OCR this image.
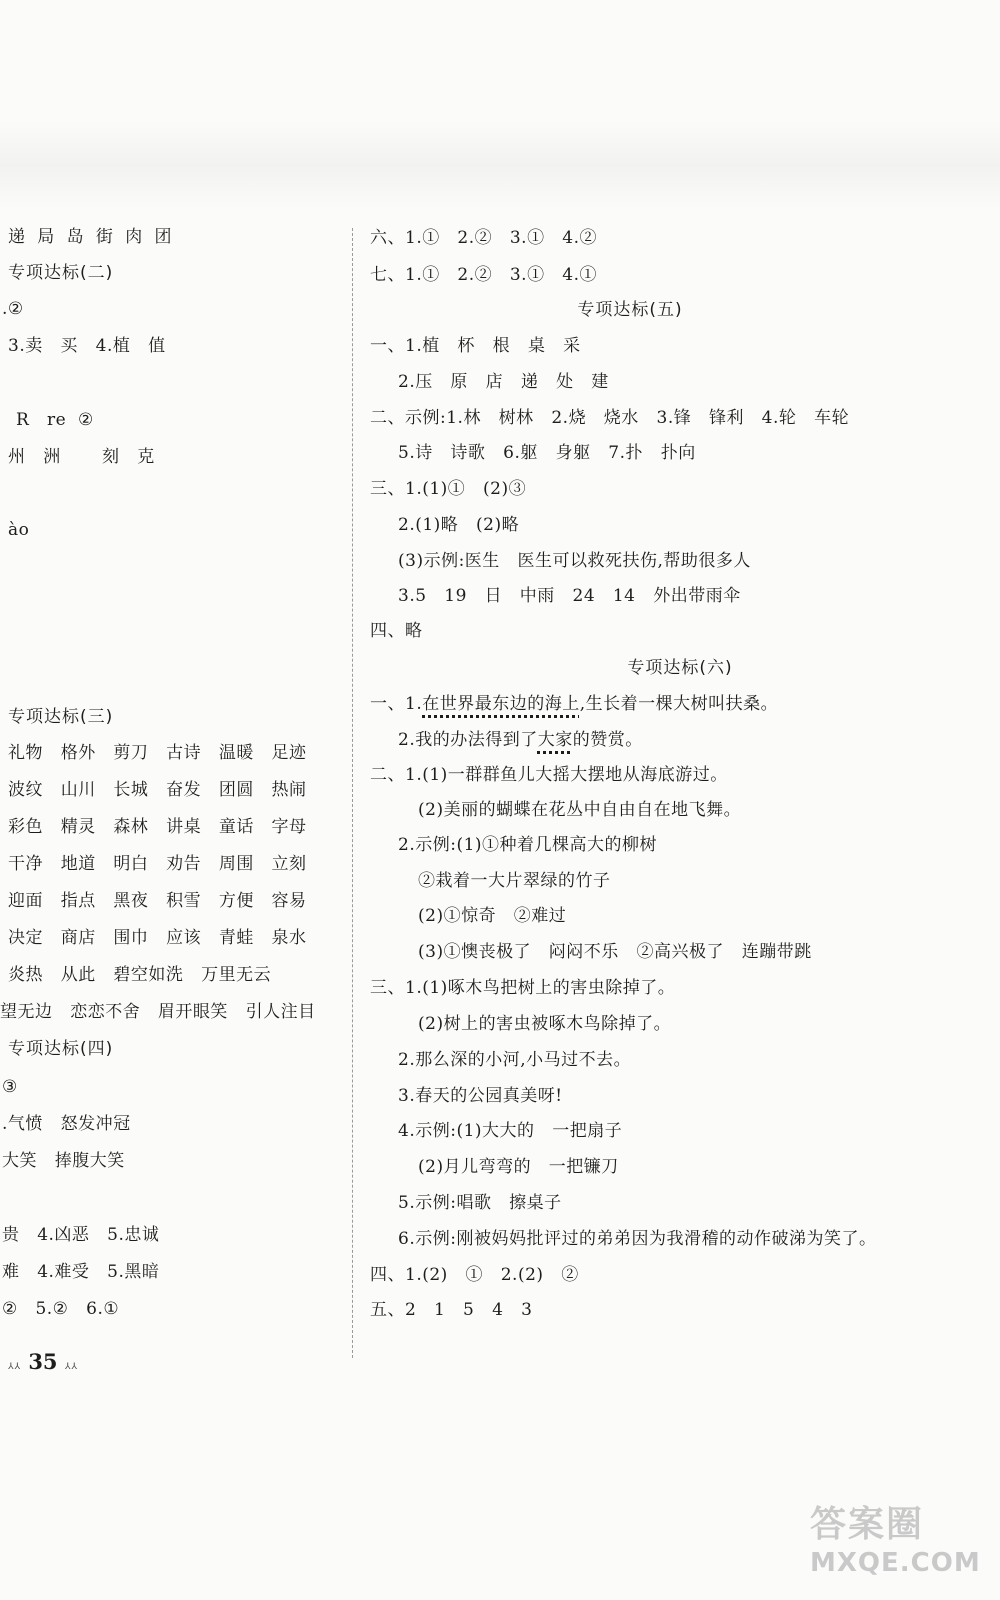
递  局  岛  街  肉  团
专项达标(二)
.②
3.卖   买   4.植   值
R   re  ②
州   洲       刻   克
ào
专项达标(三)
礼物   格外   剪刀   古诗   温暖   足迹
波纹   山川   长城   奋发   团圆   热闹
彩色   精灵   森林   讲桌   童话   字母
干净   地道   明白   劝告   周围   立刻
迎面   指点   黑夜   积雪   方便   容易
决定   商店   围巾   应该   青蛙   泉水
炎热   从此   碧空如洗   万里无云
望无边   恋恋不舍   眉开眼笑   引人注目
专项达标(四)
③
.气愤   怒发冲冠
大笑   捧腹大笑
贵   4.凶恶   5.忠诚
难   4.难受   5.黑暗
②   5.②   6.①
六、1.①   2.②   3.①   4.②
七、1.①   2.②   3.①   4.①
专项达标(五)
一、1.植   杯   根   桌   采
2.压   原   店   递   处   建
二、示例:1.林   树林   2.烧   烧水   3.锋   锋利   4.轮   车轮
5.诗   诗歌   6.躯   身躯   7.扑   扑向
三、1.(1)①   (2)③
2.(1)略   (2)略
(3)示例:医生   医生可以救死扶伤,帮助很多人
3.5   19   日   中雨   24   14   外出带雨伞
四、略
专项达标(六)
一、1.在世界最东边的海上,生长着一棵大树叫扶桑。
2.我的办法得到了大家的赞赏。
二、1.(1)一群群鱼儿大摇大摆地从海底游过。
(2)美丽的蝴蝶在花丛中自由自在地飞舞。
2.示例:(1)①种着几棵高大的柳树
②栽着一大片翠绿的竹子
(2)①惊奇   ②难过
(3)①懊丧极了   闷闷不乐   ②高兴极了   连蹦带跳
三、1.(1)啄木鸟把树上的害虫除掉了。
(2)树上的害虫被啄木鸟除掉了。
2.那么深的小河,小马过不去。
3.春天的公园真美呀!
4.示例:(1)大大的   一把扇子
(2)月儿弯弯的   一把镰刀
5.示例:唱歌   擦桌子
6.示例:刚被妈妈批评过的弟弟因为我滑稽的动作破涕为笑了。
四、1.(2)   ①   2.(2)   ②
五、2   1   5   4   3
⅄⅄ 35 ⅄⅄
答案圈
MXQE.COM
